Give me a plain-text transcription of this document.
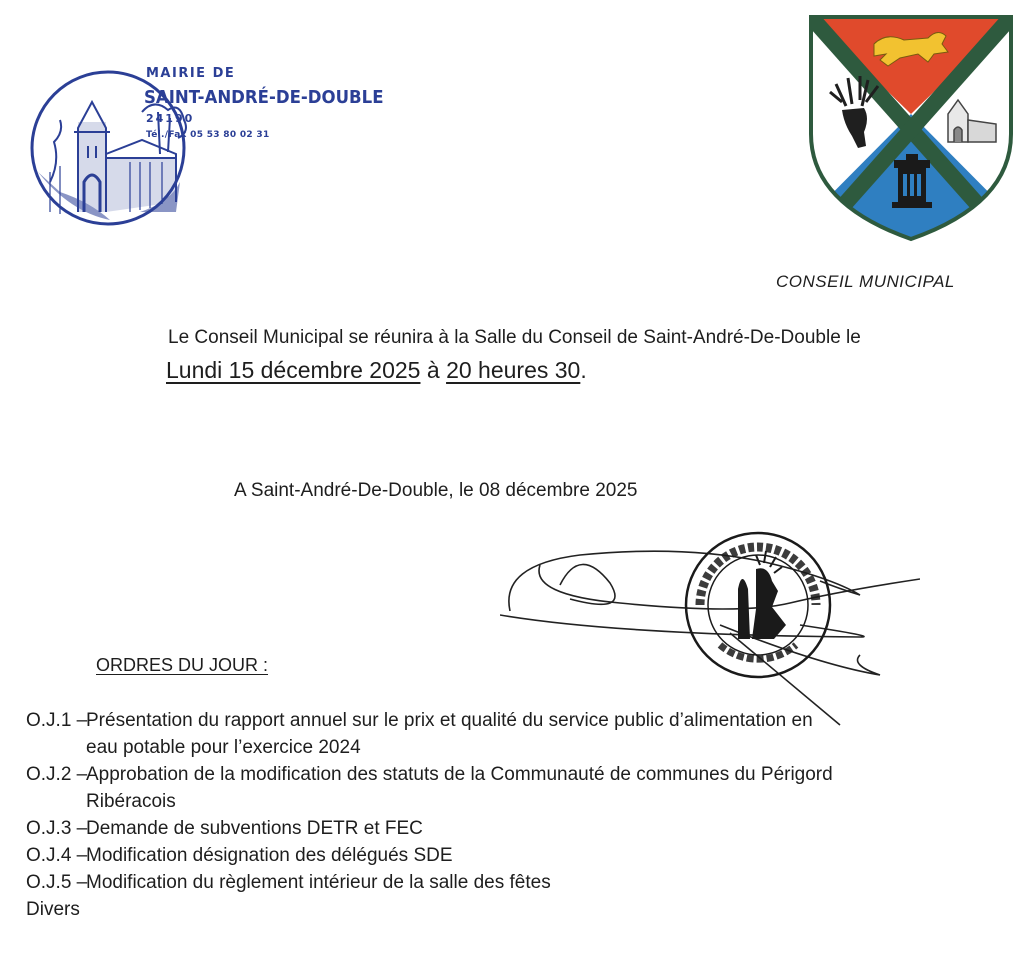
MAIRIE DE
SAINT-ANDRÉ-DE-DOUBLE
24190
Tél./Fax 05 53 80 02 31
CONSEIL MUNICIPAL
Le Conseil Municipal se réunira à la Salle du Conseil de Saint-André-De-Double le
Lundi 15 décembre 2025 à 20 heures 30.
A Saint-André-De-Double, le 08 décembre 2025
ORDRES DU JOUR :
O.J.1 –
Présentation du rapport annuel sur le prix et qualité du service public d’alimentation en
eau potable pour l’exercice 2024
O.J.2 –
Approbation de la modification des statuts de la Communauté de communes du Périgord
Ribéracois
O.J.3 –
Demande de subventions DETR et FEC
O.J.4 –
Modification désignation des délégués SDE
O.J.5 –
Modification du règlement intérieur de la salle des fêtes
Divers
